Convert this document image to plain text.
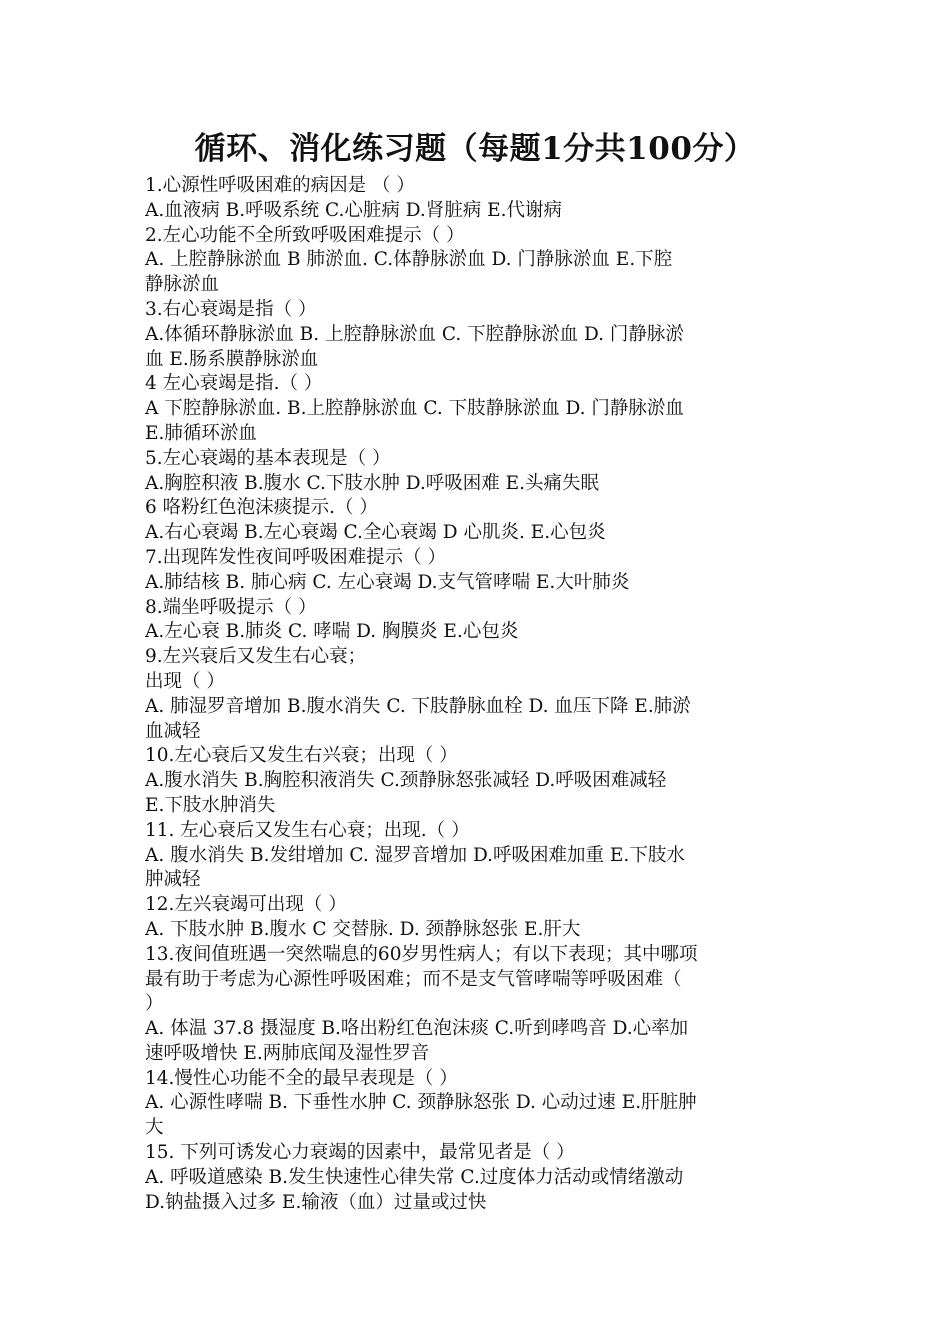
循环、消化练习题（每题1分共100分）
1.心源性呼吸困难的病因是 （ ）
A.血液病 B.呼吸系统 C.心脏病 D.肾脏病 E.代谢病
2.左心功能不全所致呼吸困难提示（ ）
A. 上腔静脉淤血 B 肺淤血. C.体静脉淤血 D. 门静脉淤血 E.下腔
静脉淤血
3.右心衰竭是指（ ）
A.体循环静脉淤血 B. 上腔静脉淤血 C. 下腔静脉淤血 D. 门静脉淤
血 E.肠系膜静脉淤血
4 左心衰竭是指.（ ）
A 下腔静脉淤血. B.上腔静脉淤血 C. 下肢静脉淤血 D. 门静脉淤血
E.肺循环淤血
5.左心衰竭的基本表现是（ ）
A.胸腔积液 B.腹水 C.下肢水肿 D.呼吸困难 E.头痛失眠
6 咯粉红色泡沫痰提示.（ ）
A.右心衰竭 B.左心衰竭 C.全心衰竭 D 心肌炎. E.心包炎
7.出现阵发性夜间呼吸困难提示（ ）
A.肺结核 B. 肺心病 C. 左心衰竭 D.支气管哮喘 E.大叶肺炎
8.端坐呼吸提示（ ）
A.左心衰 B.肺炎 C. 哮喘 D. 胸膜炎 E.心包炎
9.左兴衰后又发生右心衰；
出现（ ）
A. 肺湿罗音增加 B.腹水消失 C. 下肢静脉血栓 D. 血压下降 E.肺淤
血减轻
10.左心衰后又发生右兴衰；出现（ ）
A.腹水消失 B.胸腔积液消失 C.颈静脉怒张减轻 D.呼吸困难减轻
E.下肢水肿消失
11. 左心衰后又发生右心衰；出现.（ ）
A. 腹水消失 B.发绀增加 C. 湿罗音增加 D.呼吸困难加重 E.下肢水
肿减轻
12.左兴衰竭可出现（ ）
A. 下肢水肿 B.腹水 C 交替脉. D. 颈静脉怒张 E.肝大
13.夜间值班遇一突然喘息的60岁男性病人；有以下表现；其中哪项
最有助于考虑为心源性呼吸困难；而不是支气管哮喘等呼吸困难（
）
A. 体温 37.8 摄湿度 B.咯出粉红色泡沫痰 C.听到哮鸣音 D.心率加
速呼吸增快 E.两肺底闻及湿性罗音
14.慢性心功能不全的最早表现是（ ）
A. 心源性哮喘 B. 下垂性水肿 C. 颈静脉怒张 D. 心动过速 E.肝脏肿
大
15. 下列可诱发心力衰竭的因素中，最常见者是（ ）
A. 呼吸道感染 B.发生快速性心律失常 C.过度体力活动或情绪激动
D.钠盐摄入过多 E.输液（血）过量或过快
